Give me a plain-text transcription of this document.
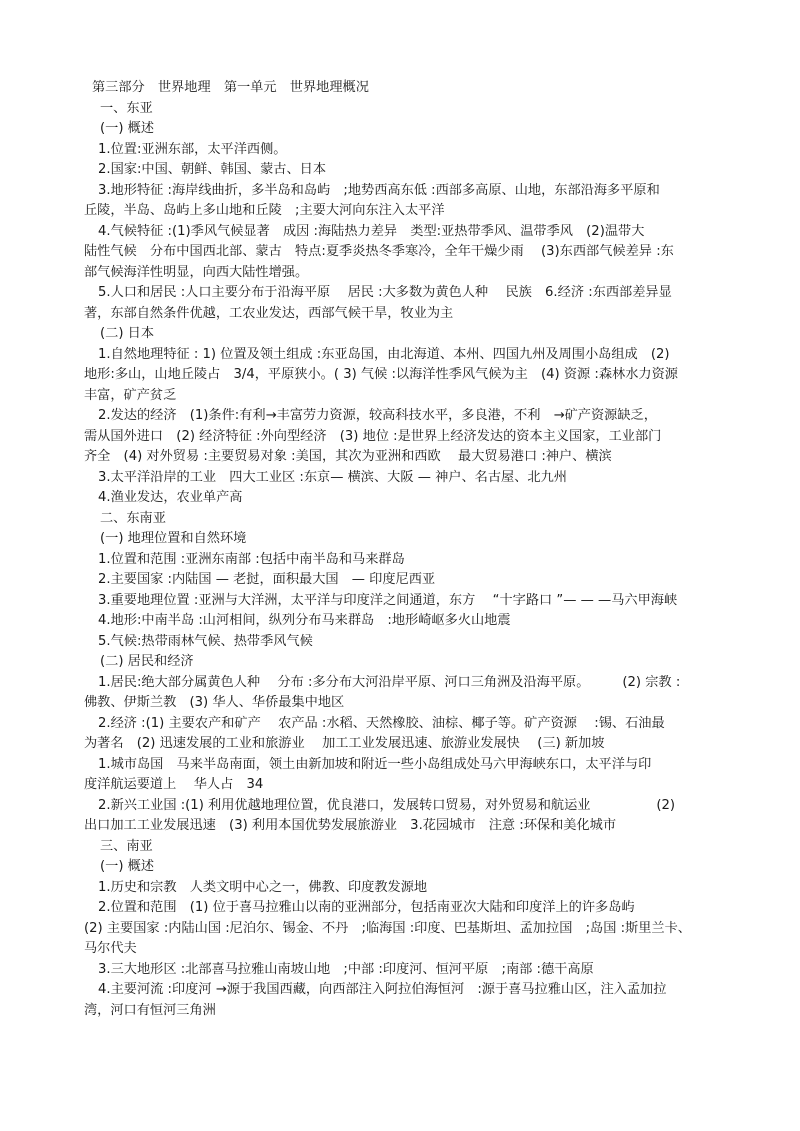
第三部分　世界地理　第一单元　世界地理概况

一、东亚

(一) 概述

1.位置:亚洲东部，太平洋西侧。

2.国家:中国、朝鲜、韩国、蒙古、日本

3.地形特征 :海岸线曲折，多半岛和岛屿　;地势西高东低 :西部多高原、山地，东部沿海多平原和

丘陵，半岛、岛屿上多山地和丘陵　;主要大河向东注入太平洋

4.气候特征 :(1)季风气候显著　成因 :海陆热力差异　类型:亚热带季风、温带季风　(2)温带大

陆性气候　分布中国西北部、蒙古　特点:夏季炎热冬季寒冷，全年干燥少雨　 (3)东西部气候差异 :东

部气候海洋性明显，向西大陆性增强。

5.人口和居民 :人口主要分布于沿海平原　 居民 :大多数为黄色人种　 民族　6.经济 :东西部差异显

著，东部自然条件优越，工农业发达，西部气候干旱，牧业为主

(二) 日本

1.自然地理特征 : 1) 位置及领土组成 :东亚岛国，由北海道、本州、四国九州及周围小岛组成　(2)

地形:多山，山地丘陵占　3/4，平原狭小。( 3) 气候 :以海洋性季风气候为主　(4) 资源 :森林水力资源

丰富，矿产贫乏

2.发达的经济　(1)条件:有利→丰富劳力资源，较高科技水平，多良港，不利　→矿产资源缺乏，

需从国外进口　(2) 经济特征 :外向型经济　(3) 地位 :是世界上经济发达的资本主义国家，工业部门

齐全　(4) 对外贸易 :主要贸易对象 :美国，其次为亚洲和西欧　 最大贸易港口 :神户、横滨

3.太平洋沿岸的工业　四大工业区 :东京— 横滨、大阪 — 神户、名古屋、北九州

4.渔业发达，农业单产高

二、东南亚

(一) 地理位置和自然环境

1.位置和范围 :亚洲东南部 :包括中南半岛和马来群岛

2.主要国家 :内陆国 — 老挝，面积最大国　— 印度尼西亚

3.重要地理位置 :亚洲与大洋洲，太平洋与印度洋之间通道，东方　 “十字路口 ”— — —马六甲海峡

4.地形:中南半岛 :山河相间，纵列分布马来群岛　:地形崎岖多火山地震

5.气候:热带雨林气候、热带季风气候

(二) 居民和经济

1.居民:绝大部分属黄色人种　 分布 :多分布大河沿岸平原、河口三角洲及沿海平原。　　　(2) 宗教 :

佛教、伊斯兰教　(3) 华人、华侨最集中地区

2.经济 :(1) 主要农产和矿产　 农产品 :水稻、天然橡胶、油棕、椰子等。矿产资源　 :锡、石油最

为著名　(2) 迅速发展的工业和旅游业　 加工工业发展迅速、旅游业发展快　 (三) 新加坡

1.城市岛国　马来半岛南面，领土由新加坡和附近一些小岛组成处马六甲海峡东口，太平洋与印

度洋航运要道上　 华人占　34

2.新兴工业国 :(1) 利用优越地理位置，优良港口，发展转口贸易，对外贸易和航运业　　　　　(2)

出口加工工业发展迅速　(3) 利用本国优势发展旅游业　3.花园城市　注意 :环保和美化城市

三、南亚

(一) 概述

1.历史和宗教　人类文明中心之一，佛教、印度教发源地

2.位置和范围　(1) 位于喜马拉雅山以南的亚洲部分，包括南亚次大陆和印度洋上的许多岛屿

(2) 主要国家 :内陆山国 :尼泊尔、锡金、不丹　;临海国 :印度、巴基斯坦、孟加拉国　;岛国 :斯里兰卡、

马尔代夫

3.三大地形区 :北部喜马拉雅山南坡山地　;中部 :印度河、恒河平原　;南部 :德干高原

4.主要河流 :印度河 →源于我国西藏，向西部注入阿拉伯海恒河　:源于喜马拉雅山区，注入孟加拉

湾，河口有恒河三角洲
